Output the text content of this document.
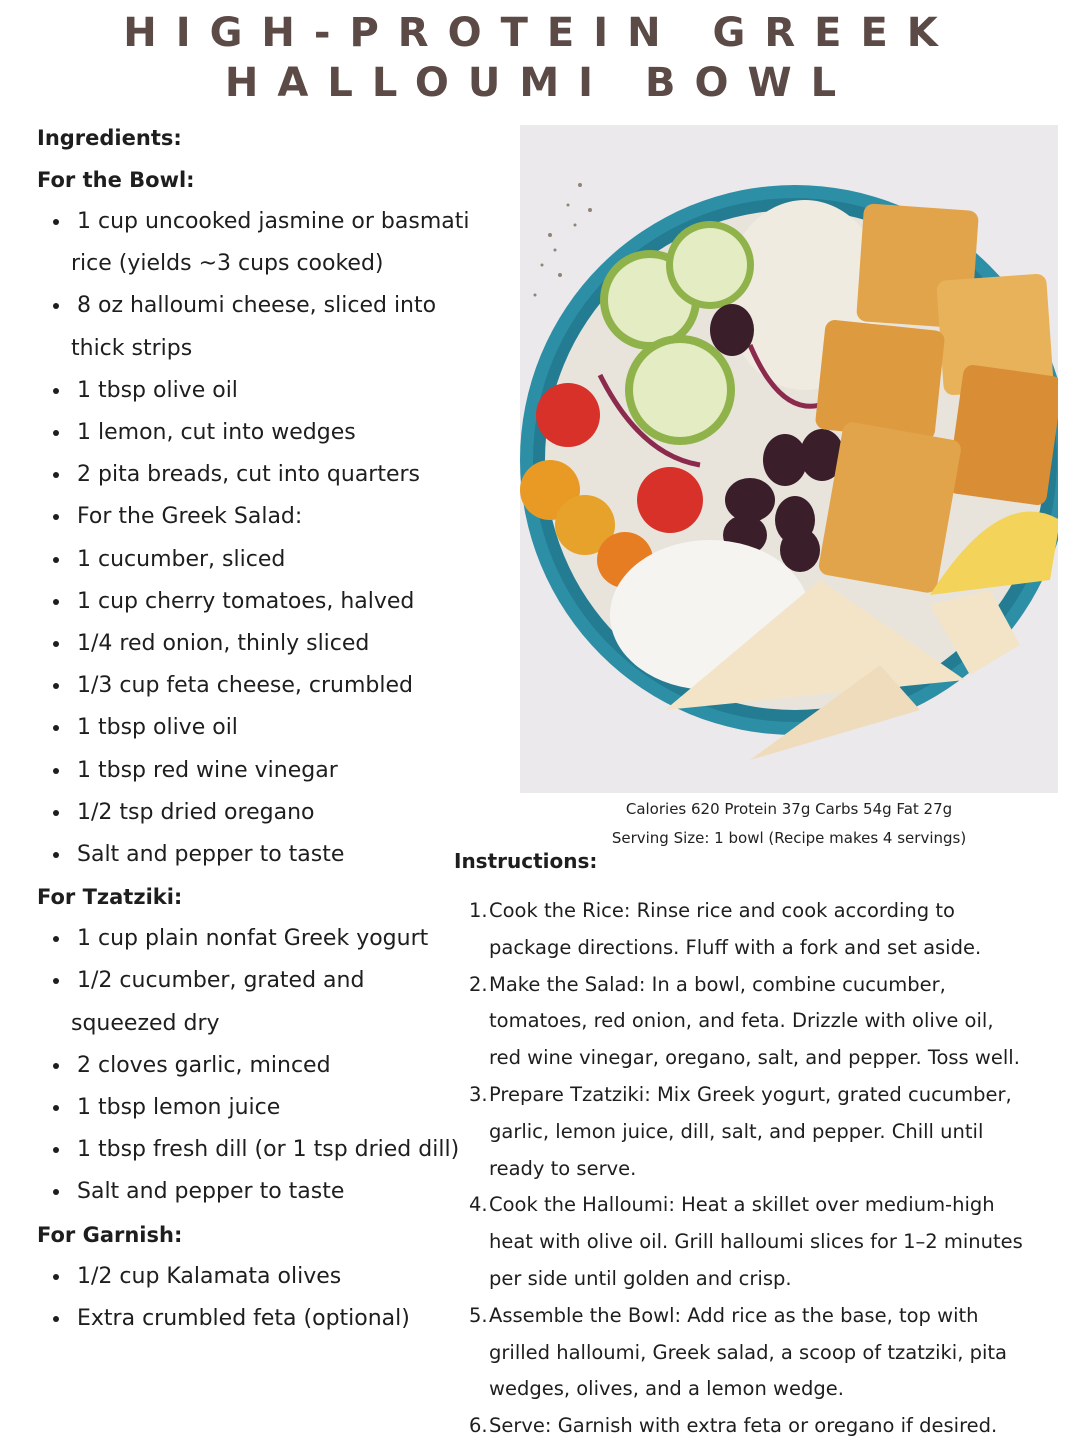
HIGH-PROTEIN GREEK
HALLOUMI BOWL
Ingredients:
For the Bowl:
1 cup uncooked jasmine or basmati
rice (yields ~3 cups cooked)
8 oz halloumi cheese, sliced into
thick strips
1 tbsp olive oil
1 lemon, cut into wedges
2 pita breads, cut into quarters
For the Greek Salad:
1 cucumber, sliced
1 cup cherry tomatoes, halved
1/4 red onion, thinly sliced
1/3 cup feta cheese, crumbled
1 tbsp olive oil
1 tbsp red wine vinegar
1/2 tsp dried oregano
Salt and pepper to taste
For Tzatziki:
1 cup plain nonfat Greek yogurt
1/2 cucumber, grated and
squeezed dry
2 cloves garlic, minced
1 tbsp lemon juice
1 tbsp fresh dill (or 1 tsp dried dill)
Salt and pepper to taste
For Garnish:
1/2 cup Kalamata olives
Extra crumbled feta (optional)
Calories 620 Protein 37g Carbs 54g Fat 27g
Serving Size: 1 bowl (Recipe makes 4 servings)
Instructions:
1. Cook the Rice: Rinse rice and cook according to
package directions. Fluff with a fork and set aside.
2. Make the Salad: In a bowl, combine cucumber,
tomatoes, red onion, and feta. Drizzle with olive oil,
red wine vinegar, oregano, salt, and pepper. Toss well.
3. Prepare Tzatziki: Mix Greek yogurt, grated cucumber,
garlic, lemon juice, dill, salt, and pepper. Chill until
ready to serve.
4. Cook the Halloumi: Heat a skillet over medium-high
heat with olive oil. Grill halloumi slices for 1–2 minutes
per side until golden and crisp.
5. Assemble the Bowl: Add rice as the base, top with
grilled halloumi, Greek salad, a scoop of tzatziki, pita
wedges, olives, and a lemon wedge.
6. Serve: Garnish with extra feta or oregano if desired.
